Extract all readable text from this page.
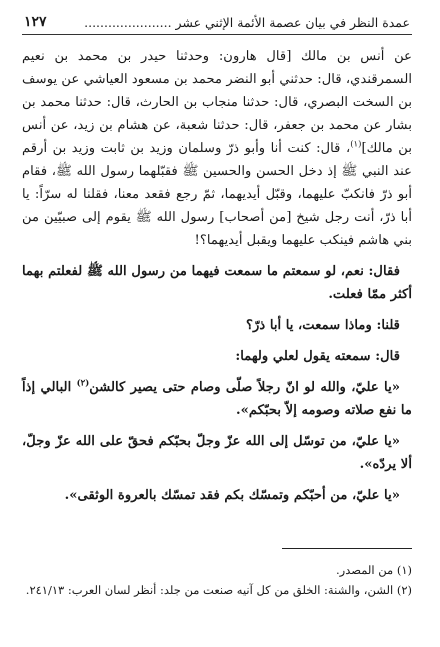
عمدة النظر في بيان عصمة الأئمة الإثني عشر ......................
١٢٧

عن أنس بن مالك [قال هارون: وحدثنا حيدر بن محمد بن نعيم السمرقندي، قال: حدثني أبو النضر محمد بن مسعود العياشي عن يوسف بن السخت البصري، قال: حدثنا منجاب بن الحارث، قال: حدثنا محمد بن بشار عن محمد بن جعفر، قال: حدثنا شعبة، عن هشام بن زيد، عن أنس بن مالك]$^{(١)}$، قال: كنت أنا وأبو ذرّ وسلمان وزيد بن ثابت وزيد بن أرقم عند النبي ﷺ إذ دخل الحسن والحسين ﷺ فقبّلهما رسول الله ﷺ، فقام أبو ذرّ فانكبّ عليهما، وقبّل أيديهما، ثمّ رجع فقعد معنا، فقلنا له سرّاً: يا أبا ذرّ، أنت رجل شيخ [من أصحاب] رسول الله ﷺ يقوم إلى صبيّين من بني هاشم فينكب عليهما ويقبل أيديهما؟!

فقال: نعم، لو سمعتم ما سمعت فيهما من رسول الله ﷺ لفعلتم بهما أكثر ممّا فعلت.

قلنا: وماذا سمعت، يا أبا ذرّ؟

قال: سمعته يقول لعلي ولهما:

«يا عليّ، والله لو انّ رجلاً صلّى وصام حتى يصير كالشن$^{(٢)}$ البالي إذاً ما نفع صلاته وصومه إلاّ بحبّكم».

«يا عليّ، من توسّل إلى الله عزّ وجلّ بحبّكم فحقّ على الله عزّ وجلّ، ألا يردّه».

«يا عليّ، من أحبّكم وتمسّك بكم فقد تمسّك بالعروة الوثقى».

(١) من المصدر.

(٢) الشن، والشنة: الخلق من كل آنيه صنعت من جلد: أنظر لسان العرب: ٢٤١/١٣.
